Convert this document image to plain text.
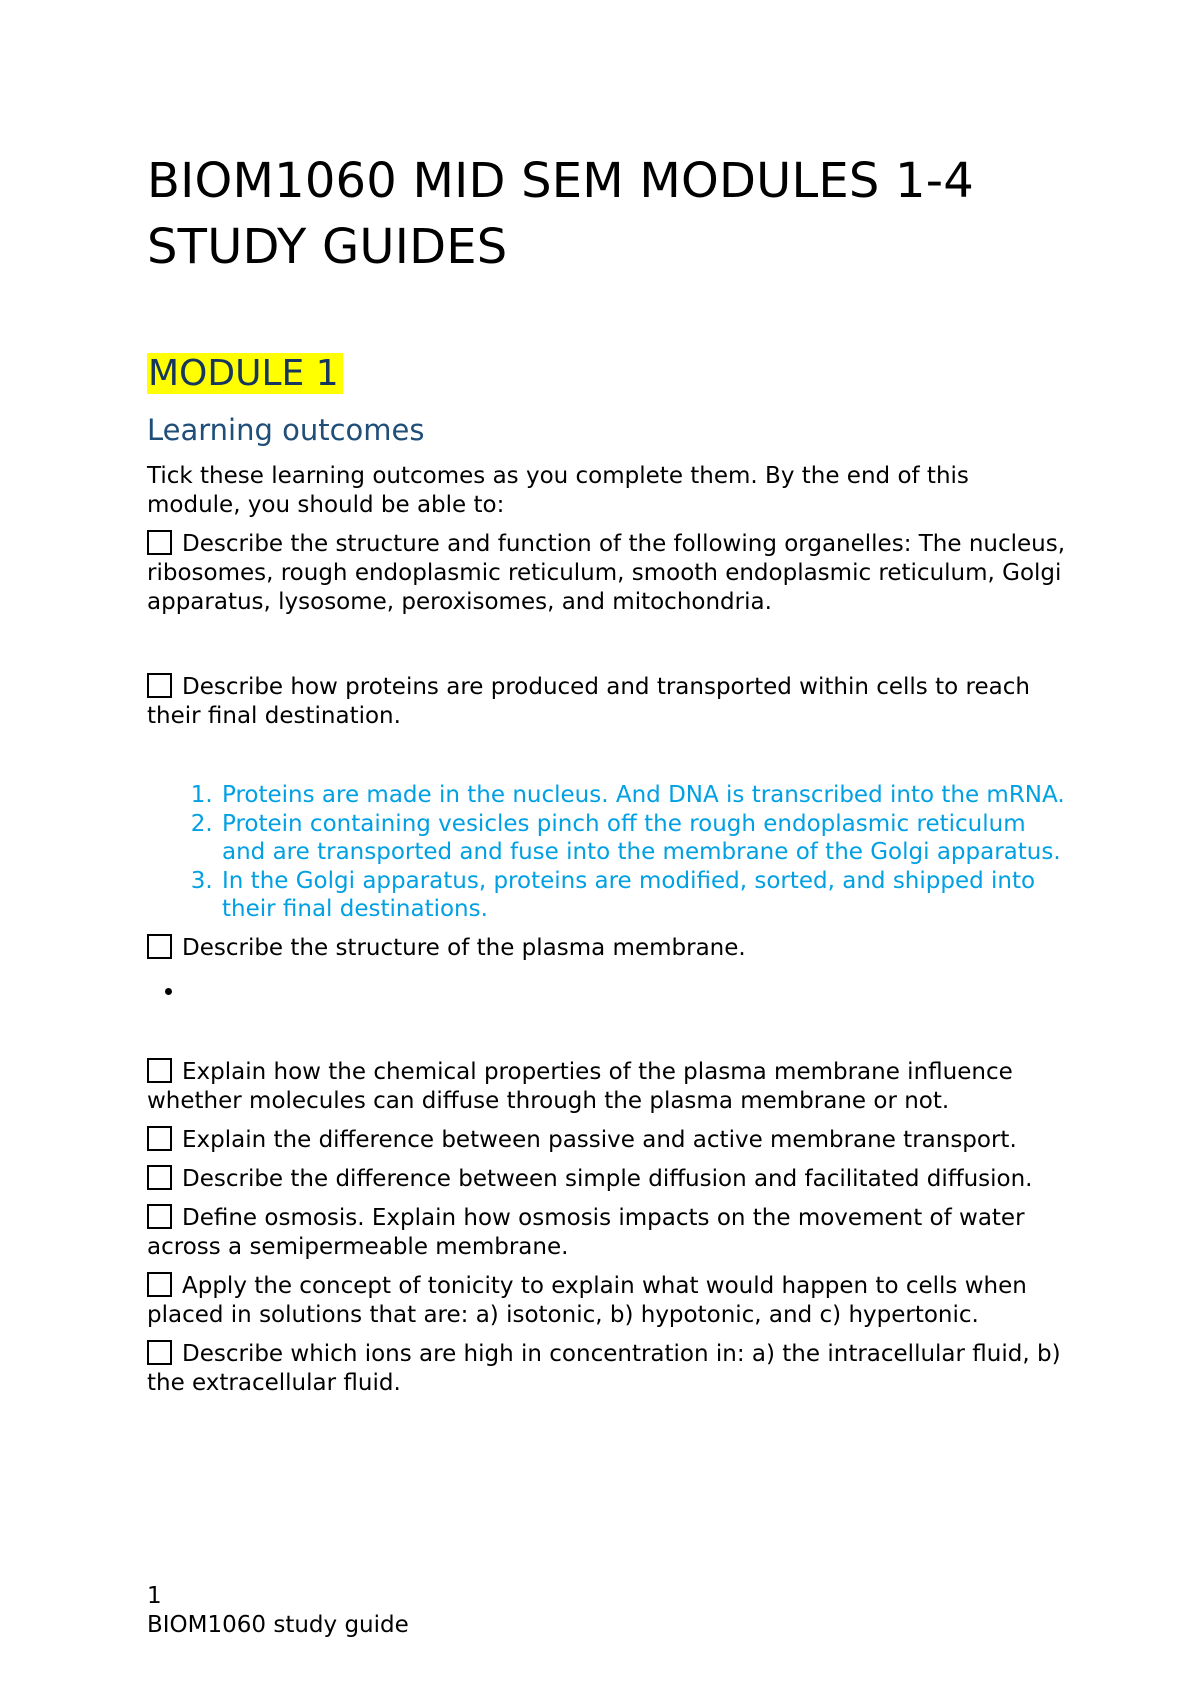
BIOM1060 MID SEM MODULES 1-4 STUDY GUIDES
MODULE 1
Learning outcomes

Tick these learning outcomes as you complete them. By the end of this module, you should be able to:

Describe the structure and function of the following organelles: The nucleus, ribosomes, rough endoplasmic reticulum, smooth endoplasmic reticulum, Golgi apparatus, lysosome, peroxisomes, and mitochondria.

Describe how proteins are produced and transported within cells to reach their final destination.

1. Proteins are made in the nucleus. And DNA is transcribed into the mRNA.
2. Protein containing vesicles pinch off the rough endoplasmic reticulum and are transported and fuse into the membrane of the Golgi apparatus.
3. In the Golgi apparatus, proteins are modified, sorted, and shipped into their final destinations.

Describe the structure of the plasma membrane.

•

Explain how the chemical properties of the plasma membrane influence whether molecules can diffuse through the plasma membrane or not.

Explain the difference between passive and active membrane transport.

Describe the difference between simple diffusion and facilitated diffusion.

Define osmosis. Explain how osmosis impacts on the movement of water across a semipermeable membrane.

Apply the concept of tonicity to explain what would happen to cells when placed in solutions that are: a) isotonic, b) hypotonic, and c) hypertonic.

Describe which ions are high in concentration in: a) the intracellular fluid, b) the extracellular fluid.

1
BIOM1060 study guide
